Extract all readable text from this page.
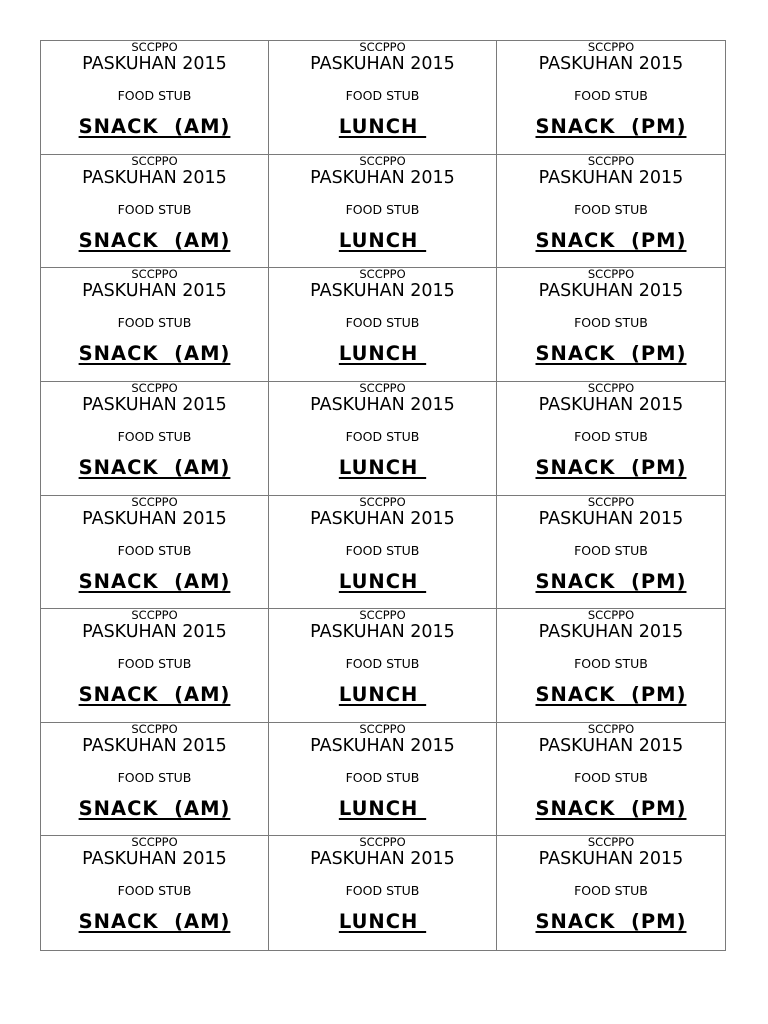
SCCPPO
PASKUHAN 2015
FOOD STUB
SNACK  (AM)
SCCPPO
PASKUHAN 2015
FOOD STUB
LUNCH
SCCPPO
PASKUHAN 2015
FOOD STUB
SNACK  (PM)
SCCPPO
PASKUHAN 2015
FOOD STUB
SNACK  (AM)
SCCPPO
PASKUHAN 2015
FOOD STUB
LUNCH
SCCPPO
PASKUHAN 2015
FOOD STUB
SNACK  (PM)
SCCPPO
PASKUHAN 2015
FOOD STUB
SNACK  (AM)
SCCPPO
PASKUHAN 2015
FOOD STUB
LUNCH
SCCPPO
PASKUHAN 2015
FOOD STUB
SNACK  (PM)
SCCPPO
PASKUHAN 2015
FOOD STUB
SNACK  (AM)
SCCPPO
PASKUHAN 2015
FOOD STUB
LUNCH
SCCPPO
PASKUHAN 2015
FOOD STUB
SNACK  (PM)
SCCPPO
PASKUHAN 2015
FOOD STUB
SNACK  (AM)
SCCPPO
PASKUHAN 2015
FOOD STUB
LUNCH
SCCPPO
PASKUHAN 2015
FOOD STUB
SNACK  (PM)
SCCPPO
PASKUHAN 2015
FOOD STUB
SNACK  (AM)
SCCPPO
PASKUHAN 2015
FOOD STUB
LUNCH
SCCPPO
PASKUHAN 2015
FOOD STUB
SNACK  (PM)
SCCPPO
PASKUHAN 2015
FOOD STUB
SNACK  (AM)
SCCPPO
PASKUHAN 2015
FOOD STUB
LUNCH
SCCPPO
PASKUHAN 2015
FOOD STUB
SNACK  (PM)
SCCPPO
PASKUHAN 2015
FOOD STUB
SNACK  (AM)
SCCPPO
PASKUHAN 2015
FOOD STUB
LUNCH
SCCPPO
PASKUHAN 2015
FOOD STUB
SNACK  (PM)
